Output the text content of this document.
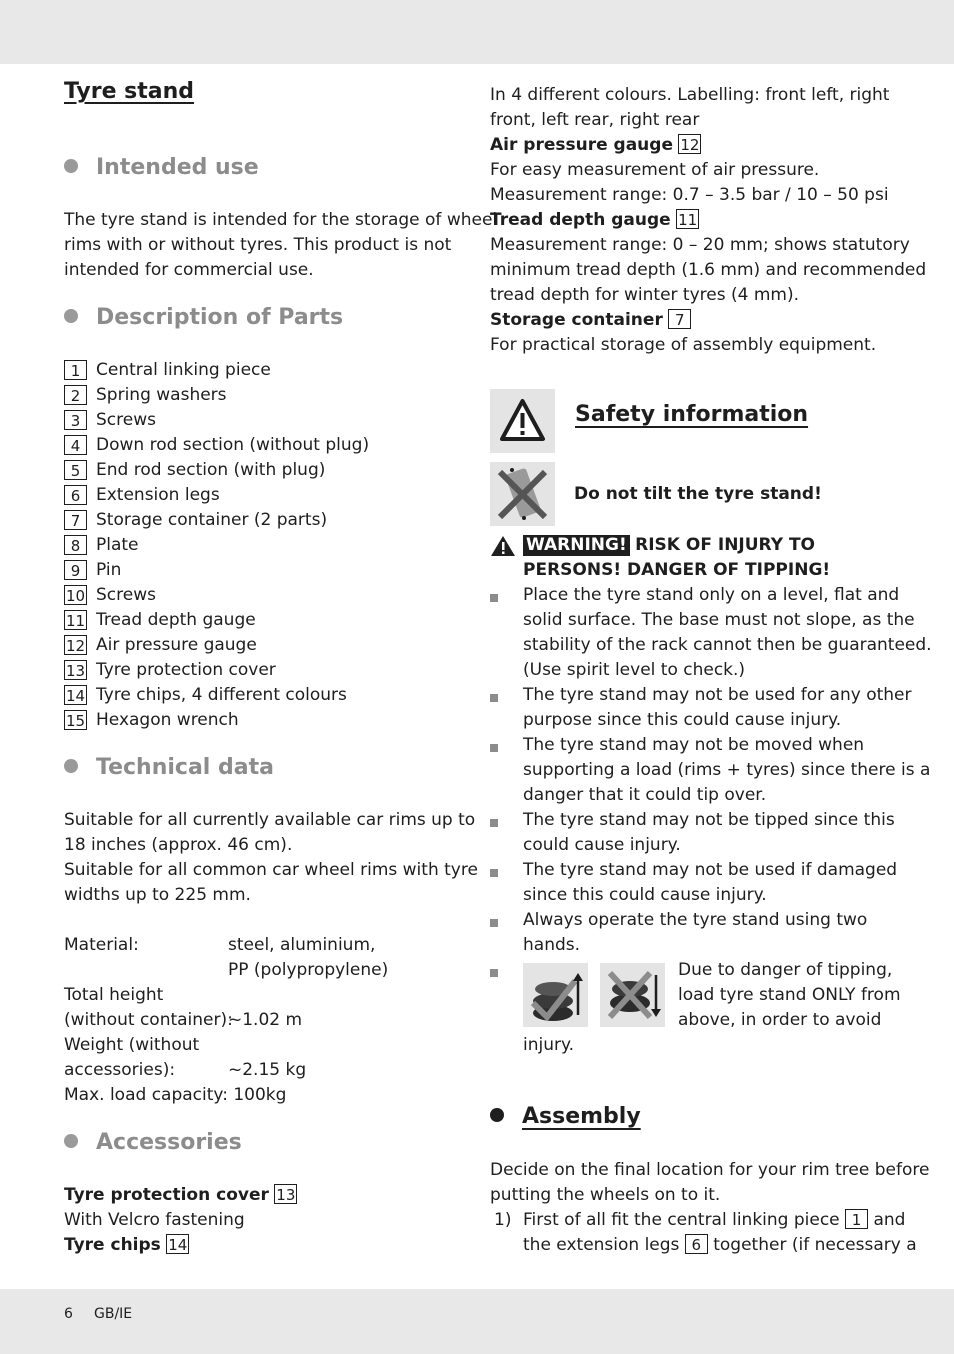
Tyre stand
Intended use
The tyre stand is intended for the storage of wheel
rims with or without tyres. This product is not
intended for commercial use.
Description of Parts
1 Central linking piece
2 Spring washers
3 Screws
4 Down rod section (without plug)
5 End rod section (with plug)
6 Extension legs
7 Storage container (2 parts)
8 Plate
9 Pin
10 Screws
11 Tread depth gauge
12 Air pressure gauge
13 Tyre protection cover
14 Tyre chips, 4 different colours
15 Hexagon wrench
Technical data
Suitable for all currently available car rims up to
18 inches (approx. 46 cm).
Suitable for all common car wheel rims with tyre
widths up to 225 mm.
Material:	steel, aluminium,
PP (polypropylene)
Total height
(without container):
~1.02 m
Weight (without
accessories):	~2.15 kg
Max. load capacity: 100kg
Accessories
Tyre protection cover 13
With Velcro fastening
Tyre chips 14
In 4 different colours. Labelling: front left, right
front, left rear, right rear
Air pressure gauge 12
For easy measurement of air pressure.
Measurement range: 0.7 – 3.5 bar / 10 – 50 psi
Tread depth gauge 11
Measurement range: 0 – 20 mm; shows statutory
minimum tread depth (1.6 mm) and recommended
tread depth for winter tyres (4 mm).
Storage container 7
For practical storage of assembly equipment.
Safety information
Do not tilt the tyre stand!
WARNING! RISK OF INJURY TO
PERSONS! DANGER OF TIPPING!
Place the tyre stand only on a level, flat and
solid surface. The base must not slope, as the
stability of the rack cannot then be guaranteed.
(Use spirit level to check.)
The tyre stand may not be used for any other
purpose since this could cause injury.
The tyre stand may not be moved when
supporting a load (rims + tyres) since there is a
danger that it could tip over.
The tyre stand may not be tipped since this
could cause injury.
The tyre stand may not be used if damaged
since this could cause injury.
Always operate the tyre stand using two
hands.
Due to danger of tipping,
load tyre stand ONLY from
above, in order to avoid
injury.
Assembly
Decide on the final location for your rim tree before
putting the wheels on to it.
1) First of all fit the central linking piece 1 and
the extension legs 6 together (if necessary a
6 GB/IE
